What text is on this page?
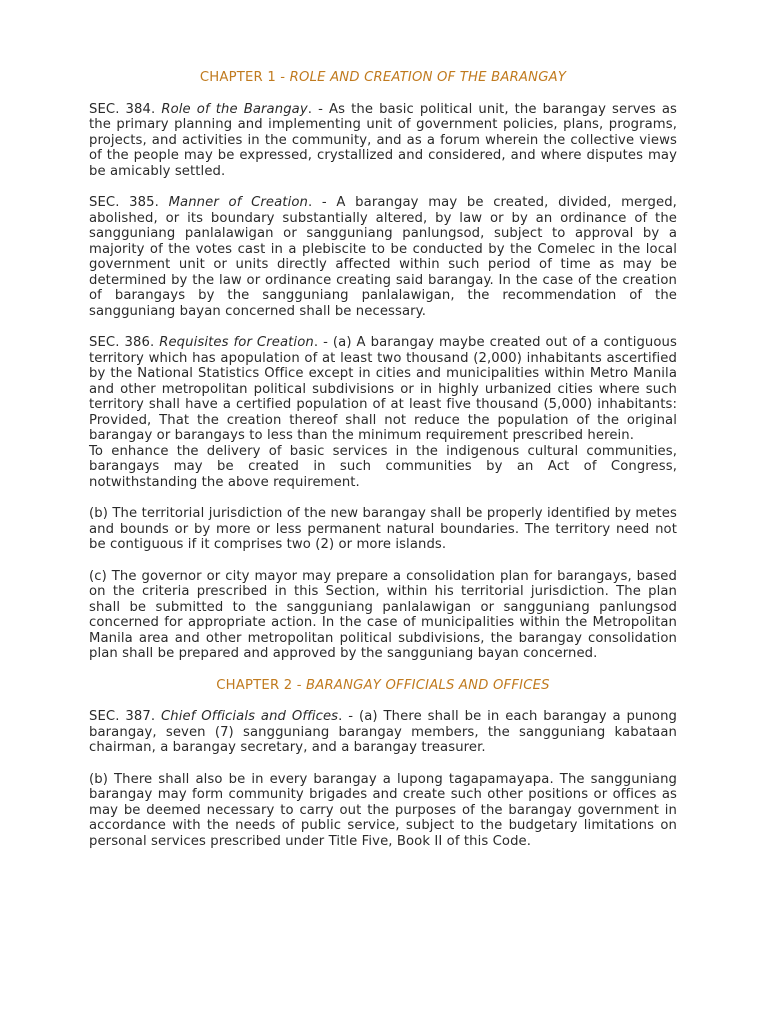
CHAPTER 1 - ROLE AND CREATION OF THE BARANGAY

SEC. 384. Role of the Barangay. - As the basic political unit, the barangay serves as the primary planning and implementing unit of government policies, plans, programs, projects, and activities in the community, and as a forum wherein the collective views of the people may be expressed, crystallized and considered, and where disputes may be amicably settled.

SEC. 385. Manner of Creation. - A barangay may be created, divided, merged, abolished, or its boundary substantially altered, by law or by an ordinance of the sangguniang panlalawigan or sangguniang panlungsod, subject to approval by a majority of the votes cast in a plebiscite to be conducted by the Comelec in the local government unit or units directly affected within such period of time as may be determined by the law or ordinance creating said barangay. In the case of the creation of barangays by the sangguniang panlalawigan, the recommendation of the sangguniang bayan concerned shall be necessary.

SEC. 386. Requisites for Creation. - (a) A barangay maybe created out of a contiguous territory which has apopulation of at least two thousand (2,000) inhabitants ascertified by the National Statistics Office except in cities and municipalities within Metro Manila and other metropolitan political subdivisions or in highly urbanized cities where such territory shall have a certified population of at least five thousand (5,000) inhabitants: Provided, That the creation thereof shall not reduce the population of the original barangay or barangays to less than the minimum requirement prescribed herein.

To enhance the delivery of basic services in the indigenous cultural communities, barangays may be created in such communities by an Act of Congress, notwithstanding the above requirement.

(b) The territorial jurisdiction of the new barangay shall be properly identified by metes and bounds or by more or less permanent natural boundaries. The territory need not be contiguous if it comprises two (2) or more islands.

(c) The governor or city mayor may prepare a consolidation plan for barangays, based on the criteria prescribed in this Section, within his territorial jurisdiction. The plan shall be submitted to the sangguniang panlalawigan or sangguniang panlungsod concerned for appropriate action. In the case of municipalities within the Metropolitan Manila area and other metropolitan political subdivisions, the barangay consolidation plan shall be prepared and approved by the sangguniang bayan concerned.

CHAPTER 2 - BARANGAY OFFICIALS AND OFFICES

SEC. 387. Chief Officials and Offices. - (a) There shall be in each barangay a punong barangay, seven (7) sangguniang barangay members, the sangguniang kabataan chairman, a barangay secretary, and a barangay treasurer.

(b) There shall also be in every barangay a lupong tagapamayapa. The sangguniang barangay may form community brigades and create such other positions or offices as may be deemed necessary to carry out the purposes of the barangay government in accordance with the needs of public service, subject to the budgetary limitations on personal services prescribed under Title Five, Book II of this Code.
